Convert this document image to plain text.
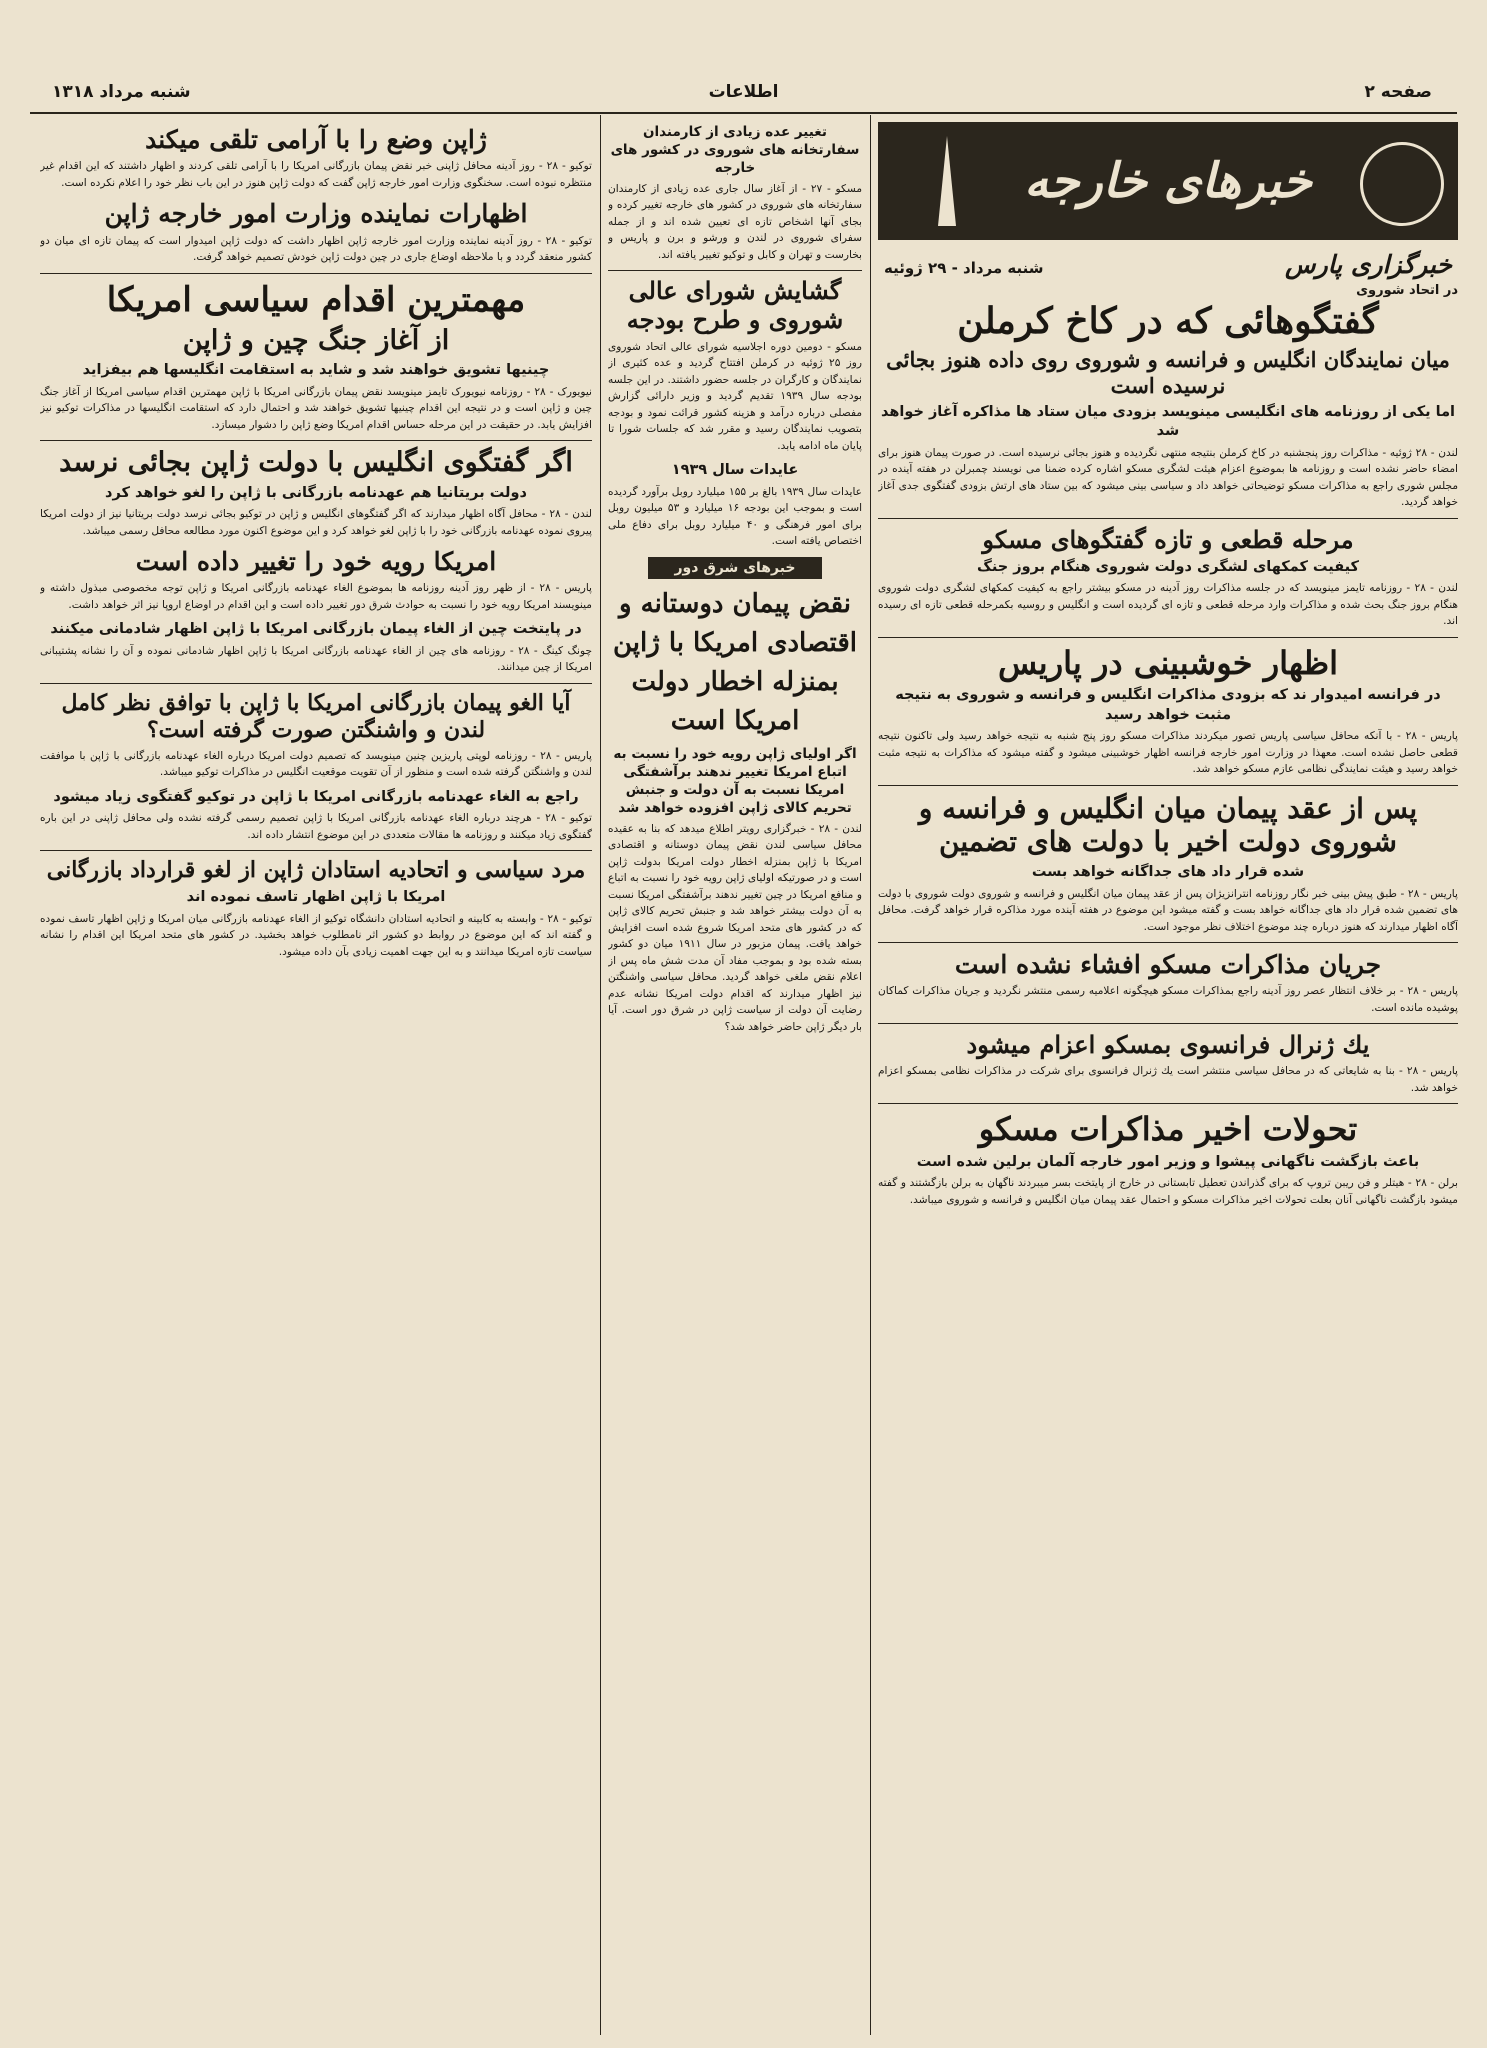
صفحه ۲
اطلاعات
شنبه مرداد ۱۳۱۸
خبرهای خارجه
خبرگزاری پارس
شنبه مرداد - ۲۹ ژوئیه
در اتحاد شوروی
گفتگوهائی که در کاخ کرملن
میان نمایندگان انگلیس و فرانسه و شوروی روی داده هنوز بجائی نرسیده است
اما یکی از روزنامه های انگلیسی مینویسد بزودی میان ستاد ها مذاکره آغاز خواهد شد

لندن - ۲۸ ژوئیه - مذاکرات روز پنجشنبه در کاخ کرملن بنتیجه منتهی نگردیده و هنوز بجائی نرسیده است. در صورت پیمان هنوز برای امضاء حاضر نشده است و روزنامه ها بموضوع اعزام هیئت لشگری مسکو اشاره کرده ضمنا می نویسند چمبرلن در هفته آینده در مجلس شوری راجع به مذاکرات مسکو توضیحاتی خواهد داد و سیاسی بینی میشود که بین ستاد های ارتش بزودی گفتگوی جدی آغاز خواهد گردید.

مرحله قطعی و تازه گفتگوهای مسکو
کیفیت کمکهای لشگری دولت شوروی هنگام بروز جنگ

لندن - ۲۸ - روزنامه تایمز مینویسد که در جلسه مذاکرات روز آدینه در مسکو بیشتر راجع به کیفیت کمکهای لشگری دولت شوروی هنگام بروز جنگ بحث شده و مذاکرات وارد مرحله قطعی و تازه ای گردیده است و انگلیس و روسیه بکمرحله قطعی تازه ای رسیده اند.

اظهار خوشبینی در پاریس
در فرانسه امیدوار ند که بزودی مذاکرات انگلیس و فرانسه و شوروی به نتیجه مثبت خواهد رسید

پاریس - ۲۸ - با آنکه محافل سیاسی پاریس تصور میکردند مذاکرات مسکو روز پنج شنبه به نتیجه خواهد رسید ولی تاکنون نتیجه قطعی حاصل نشده است. معهذا در وزارت امور خارجه فرانسه اظهار خوشبینی میشود و گفته میشود که مذاکرات به نتیجه مثبت خواهد رسید و هیئت نمایندگی نظامی عازم مسکو خواهد شد.

پس از عقد پیمان میان انگلیس و فرانسه و شوروی دولت اخیر با دولت های تضمین
شده قرار داد های جداگانه خواهد بست

پاریس - ۲۸ - طبق پیش بینی خبر نگار روزنامه انترانزیژان پس از عقد پیمان میان انگلیس و فرانسه و شوروی دولت شوروی با دولت های تضمین شده قرار داد های جداگانه خواهد بست و گفته میشود این موضوع در هفته آینده مورد مذاکره قرار خواهد گرفت. محافل آگاه اظهار میدارند که هنوز درباره چند موضوع اختلاف نظر موجود است.

جریان مذاکرات مسکو افشاء نشده است

پاریس - ۲۸ - بر خلاف انتظار عصر روز آدینه راجع بمذاکرات مسکو هیچگونه اعلامیه رسمی منتشر نگردید و جریان مذاکرات کماکان پوشیده مانده است.

یك ژنرال فرانسوی بمسکو اعزام میشود

پاریس - ۲۸ - بنا به شایعاتی که در محافل سیاسی منتشر است یك ژنرال فرانسوی برای شرکت در مذاکرات نظامی بمسکو اعزام خواهد شد.

تحولات اخیر مذاکرات مسکو
باعث بازگشت ناگهانی پیشوا و وزیر امور خارجه آلمان برلین شده است

برلن - ۲۸ - هیتلر و فن ریبن تروپ که برای گذراندن تعطیل تابستانی در خارج از پایتخت بسر میبردند ناگهان به برلن بازگشتند و گفته میشود بازگشت ناگهانی آنان بعلت تحولات اخیر مذاکرات مسکو و احتمال عقد پیمان میان انگلیس و فرانسه و شوروی میباشد.

تغییر عده زیادی از کارمندان سفارتخانه های شوروی در کشور های خارجه

مسکو - ۲۷ - از آغاز سال جاری عده زیادی از کارمندان سفارتخانه های شوروی در کشور های خارجه تغییر کرده و بجای آنها اشخاص تازه ای تعیین شده اند و از جمله سفرای شوروی در لندن و ورشو و برن و پاریس و بخارست و تهران و کابل و توکیو تغییر یافته اند.

گشایش شورای عالی شوروی و طرح بودجه

مسکو - دومین دوره اجلاسیه شورای عالی اتحاد شوروی روز ۲۵ ژوئیه در کرملن افتتاح گردید و عده کثیری از نمایندگان و کارگران در جلسه حضور داشتند. در این جلسه بودجه سال ۱۹۳۹ تقدیم گردید و وزیر دارائی گزارش مفصلی درباره درآمد و هزینه کشور قرائت نمود و بودجه بتصویب نمایندگان رسید و مقرر شد که جلسات شورا تا پایان ماه ادامه یابد.

عایدات سال ۱۹۳۹

عایدات سال ۱۹۳۹ بالغ بر ۱۵۵ میلیارد روبل برآورد گردیده است و بموجب این بودجه ۱۶ میلیارد و ۵۳ میلیون روبل برای امور فرهنگی و ۴۰ میلیارد روبل برای دفاع ملی اختصاص یافته است.

خبرهای شرق دور
نقض پیمان دوستانه و اقتصادی امریکا با ژاپن بمنزله اخطار دولت امریکا است
اگر اولیای ژاپن رویه خود را نسبت به اتباع امریکا تغییر ندهند برآشفتگی امریکا نسبت به آن دولت و جنبش تحریم کالای ژاپن افزوده خواهد شد

لندن - ۲۸ - خبرگزاری رویتر اطلاع میدهد که بنا به عقیده محافل سیاسی لندن نقض پیمان دوستانه و اقتصادی امریکا با ژاپن بمنزله اخطار دولت امریکا بدولت ژاپن است و در صورتیکه اولیای ژاپن رویه خود را نسبت به اتباع و منافع امریکا در چین تغییر ندهند برآشفتگی امریکا نسبت به آن دولت بیشتر خواهد شد و جنبش تحریم کالای ژاپن که در کشور های متحد امریکا شروع شده است افزایش خواهد یافت. پیمان مزبور در سال ۱۹۱۱ میان دو کشور بسته شده بود و بموجب مفاد آن مدت شش ماه پس از اعلام نقض ملغی خواهد گردید. محافل سیاسی واشنگتن نیز اظهار میدارند که اقدام دولت امریکا نشانه عدم رضایت آن دولت از سیاست ژاپن در شرق دور است. آیا بار دیگر ژاپن حاضر خواهد شد؟

ژاپن وضع را با آرامی تلقی میکند

توکیو - ۲۸ - روز آدینه محافل ژاپنی خبر نقض پیمان بازرگانی امریکا را با آرامی تلقی کردند و اظهار داشتند که این اقدام غیر منتظره نبوده است. سخنگوی وزارت امور خارجه ژاپن گفت که دولت ژاپن هنوز در این باب نظر خود را اعلام نکرده است.

اظهارات نماینده وزارت امور خارجه ژاپن

توکیو - ۲۸ - روز آدینه نماینده وزارت امور خارجه ژاپن اظهار داشت که دولت ژاپن امیدوار است که پیمان تازه ای میان دو کشور منعقد گردد و با ملاحظه اوضاع جاری در چین دولت ژاپن خودش تصمیم خواهد گرفت.

مهمترین اقدام سیاسی امریکا
از آغاز جنگ چین و ژاپن
چینیها تشویق خواهند شد و شاید به استقامت انگلیسها هم بیفزاید

نیویورک - ۲۸ - روزنامه نیویورک تایمز مینویسد نقض پیمان بازرگانی امریکا با ژاپن مهمترین اقدام سیاسی امریکا از آغاز جنگ چین و ژاپن است و در نتیجه این اقدام چینیها تشویق خواهند شد و احتمال دارد که استقامت انگلیسها در مذاکرات توکیو نیز افزایش یابد. در حقیقت در این مرحله حساس اقدام امریکا وضع ژاپن را دشوار میسازد.

اگر گفتگوی انگلیس با دولت ژاپن بجائی نرسد
دولت بریتانیا هم عهدنامه بازرگانی با ژاپن را لغو خواهد کرد

لندن - ۲۸ - محافل آگاه اظهار میدارند که اگر گفتگوهای انگلیس و ژاپن در توکیو بجائی نرسد دولت بریتانیا نیز از دولت امریکا پیروی نموده عهدنامه بازرگانی خود را با ژاپن لغو خواهد کرد و این موضوع اکنون مورد مطالعه محافل رسمی میباشد.

امریکا رویه خود را تغییر داده است

پاریس - ۲۸ - از ظهر روز آدینه روزنامه ها بموضوع الغاء عهدنامه بازرگانی امریکا و ژاپن توجه مخصوصی مبذول داشته و مینویسند امریکا رویه خود را نسبت به حوادث شرق دور تغییر داده است و این اقدام در اوضاع اروپا نیز اثر خواهد داشت.

در پایتخت چین از الغاء پیمان بازرگانی امریکا با ژاپن اظهار شادمانی میکنند

چونگ کینگ - ۲۸ - روزنامه های چین از الغاء عهدنامه بازرگانی امریکا با ژاپن اظهار شادمانی نموده و آن را نشانه پشتیبانی امریکا از چین میدانند.

آیا الغو پیمان بازرگانی امریکا با ژاپن با توافق نظر کامل لندن و واشنگتن صورت گرفته است؟

پاریس - ۲۸ - روزنامه لوپتی پاریزین چنین مینویسد که تصمیم دولت امریکا درباره الغاء عهدنامه بازرگانی با ژاپن با موافقت لندن و واشنگتن گرفته شده است و منظور از آن تقویت موقعیت انگلیس در مذاکرات توکیو میباشد.

راجع به الغاء عهدنامه بازرگانی امریکا با ژاپن در توکیو گفتگوی زیاد میشود

توکیو - ۲۸ - هرچند درباره الغاء عهدنامه بازرگانی امریکا با ژاپن تصمیم رسمی گرفته نشده ولی محافل ژاپنی در این باره گفتگوی زیاد میکنند و روزنامه ها مقالات متعددی در این موضوع انتشار داده اند.

مرد سیاسی و اتحادیه استادان ژاپن از لغو قرارداد بازرگانی
امریکا با ژاپن اظهار تاسف نموده اند

توکیو - ۲۸ - وابسته به کابینه و اتحادیه استادان دانشگاه توکیو از الغاء عهدنامه بازرگانی میان امریکا و ژاپن اظهار تاسف نموده و گفته اند که این موضوع در روابط دو کشور اثر نامطلوب خواهد بخشید. در کشور های متحد امریکا این اقدام را نشانه سیاست تازه امریکا میدانند و به این جهت اهمیت زیادی بآن داده میشود.
